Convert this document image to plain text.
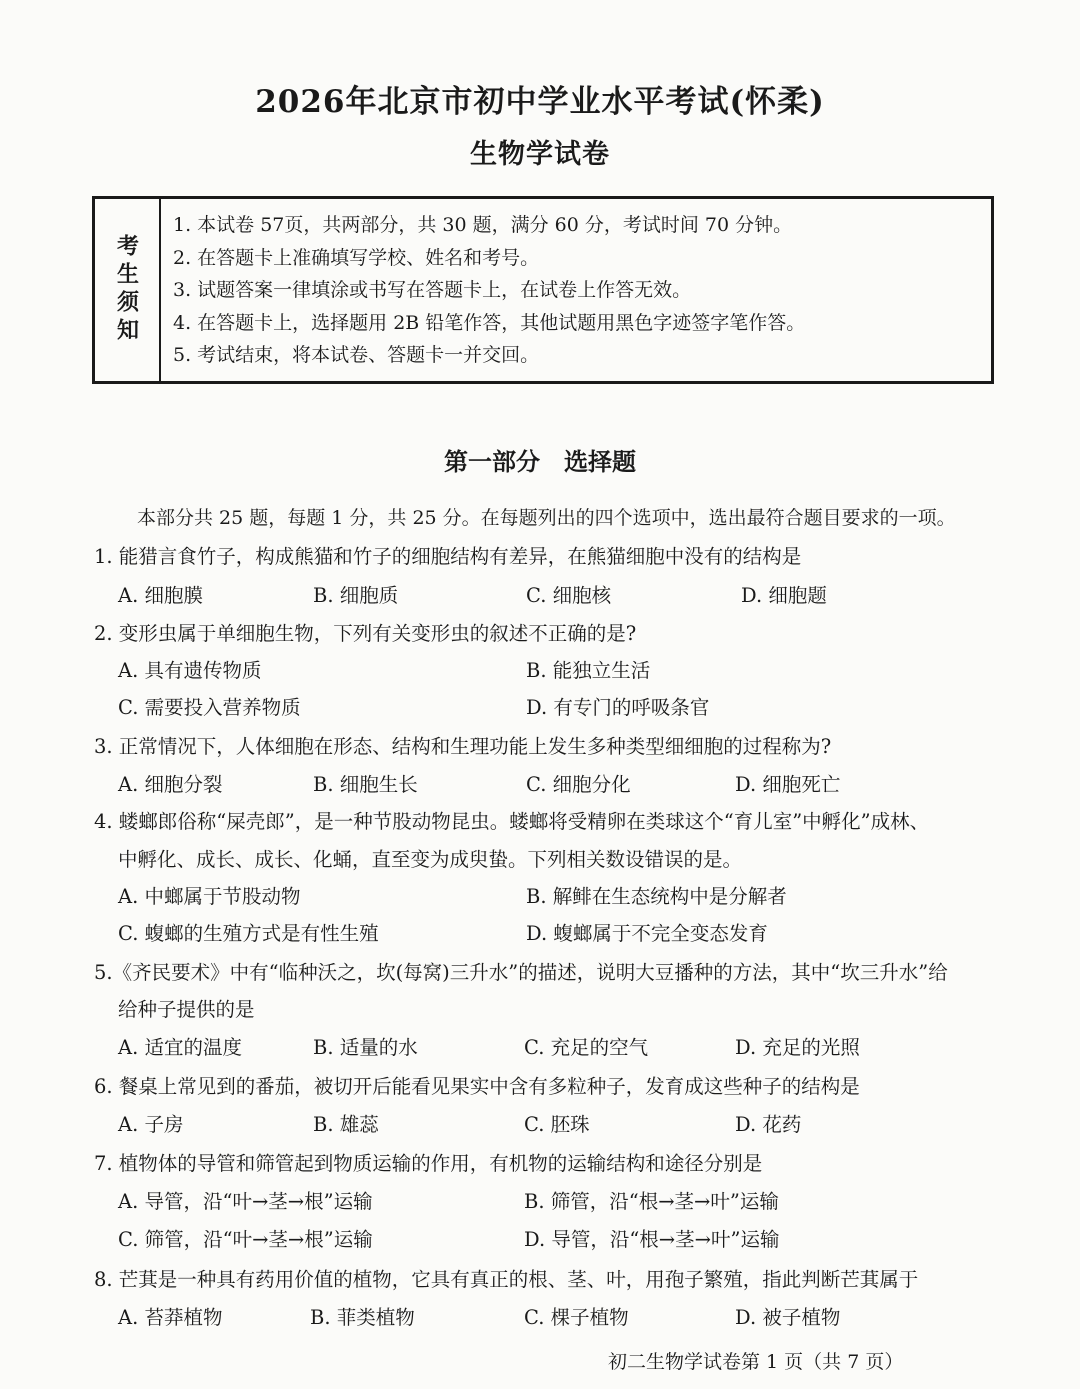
2026年北京市初中学业水平考试(怀柔)
生物学试卷
考生须知
1. 本试卷 57页，共两部分，共 30 题，满分 60 分，考试时间 70 分钟。
2. 在答题卡上准确填写学校、姓名和考号。
3. 试题答案一律填涂或书写在答题卡上，在试卷上作答无效。
4. 在答题卡上，选择题用 2B 铅笔作答，其他试题用黑色字迹签字笔作答。
5. 考试结束，将本试卷、答题卡一并交回。
第一部分　选择题
本部分共 25 题，每题 1 分，共 25 分。在每题列出的四个选项中，选出最符合题目要求的一项。
1. 能猎言食竹子，构成熊猫和竹子的细胞结构有差异，在熊猫细胞中没有的结构是
A. 细胞膜	B. 细胞质	C. 细胞核	D. 细胞题
2. 变形虫属于单细胞生物，下列有关变形虫的叙述不正确的是?
A. 具有遗传物质	B. 能独立生活
C. 需要投入营养物质	D. 有专门的呼吸条官
3. 正常情况下，人体细胞在形态、结构和生理功能上发生多种类型细细胞的过程称为?
A. 细胞分裂	B. 细胞生长	C. 细胞分化	D. 细胞死亡
4. 蝼螂郎俗称“屎壳郎”，是一种节股动物昆虫。蝼螂将受精卵在类球这个“育儿室”中孵化”成林、
中孵化、成长、成长、化蛹，直至变为成臾蛰。下列相关数设错误的是。
A. 中螂属于节股动物	B. 解鲱在生态统构中是分解者
C. 蝮螂的生殖方式是有性生殖	D. 蝮螂属于不完全变态发育
5.《齐民要术》中有“临种沃之，坎(每窝)三升水”的描述，说明大豆播种的方法，其中“坎三升水”给
给种子提供的是
A. 适宜的温度	B. 适量的水	C. 充足的空气	D. 充足的光照
6. 餐桌上常见到的番茄，被切开后能看见果实中含有多粒种子，发育成这些种子的结构是
A. 子房	B. 雄蕊	C. 胚珠	D. 花药
7. 植物体的导管和筛管起到物质运输的作用，有机物的运输结构和途径分别是
A. 导管，沿“叶→茎→根”运输	B. 筛管，沿“根→茎→叶”运输
C. 筛管，沿“叶→茎→根”运输	D. 导管，沿“根→茎→叶”运输
8. 芒萁是一种具有药用价值的植物，它具有真正的根、茎、叶，用孢子繁殖，指此判断芒萁属于
A. 苔莽植物	B. 菲类植物	C. 棵子植物	D. 被子植物
初二生物学试卷第 1 页（共 7 页）
